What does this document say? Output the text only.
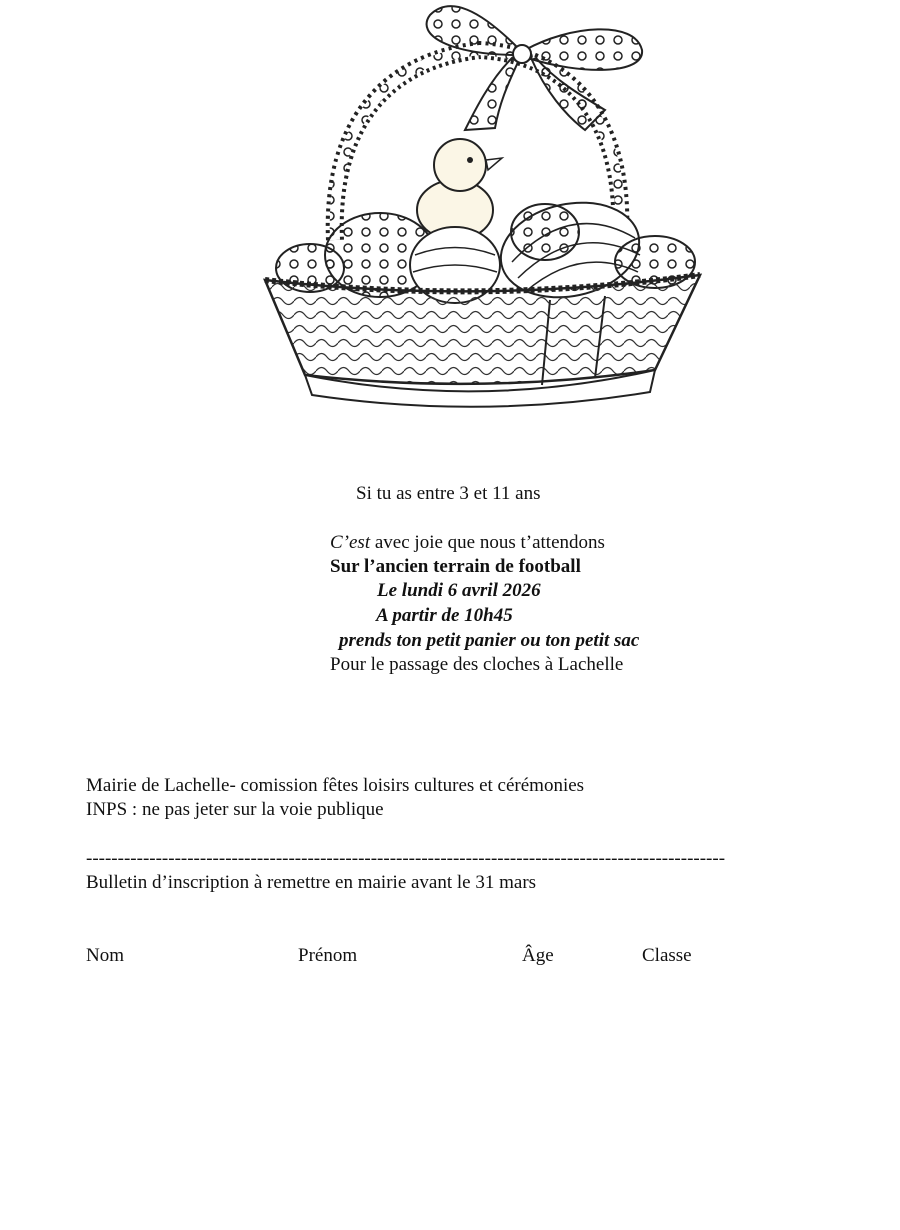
Si tu as entre 3 et 11 ans
C’est avec joie que nous t’attendons
Sur l’ancien terrain de football
Le lundi 6 avril 2026
A partir de 10h45
prends ton petit panier ou ton petit sac
Pour le passage des cloches à Lachelle
Mairie de Lachelle- comission fêtes loisirs cultures et cérémonies
INPS : ne pas jeter sur la voie publique
-----------------------------------------------------------------------------------------------------
Bulletin d’inscription à remettre en mairie avant le 31 mars
Nom	Prénom	Âge	Classe
